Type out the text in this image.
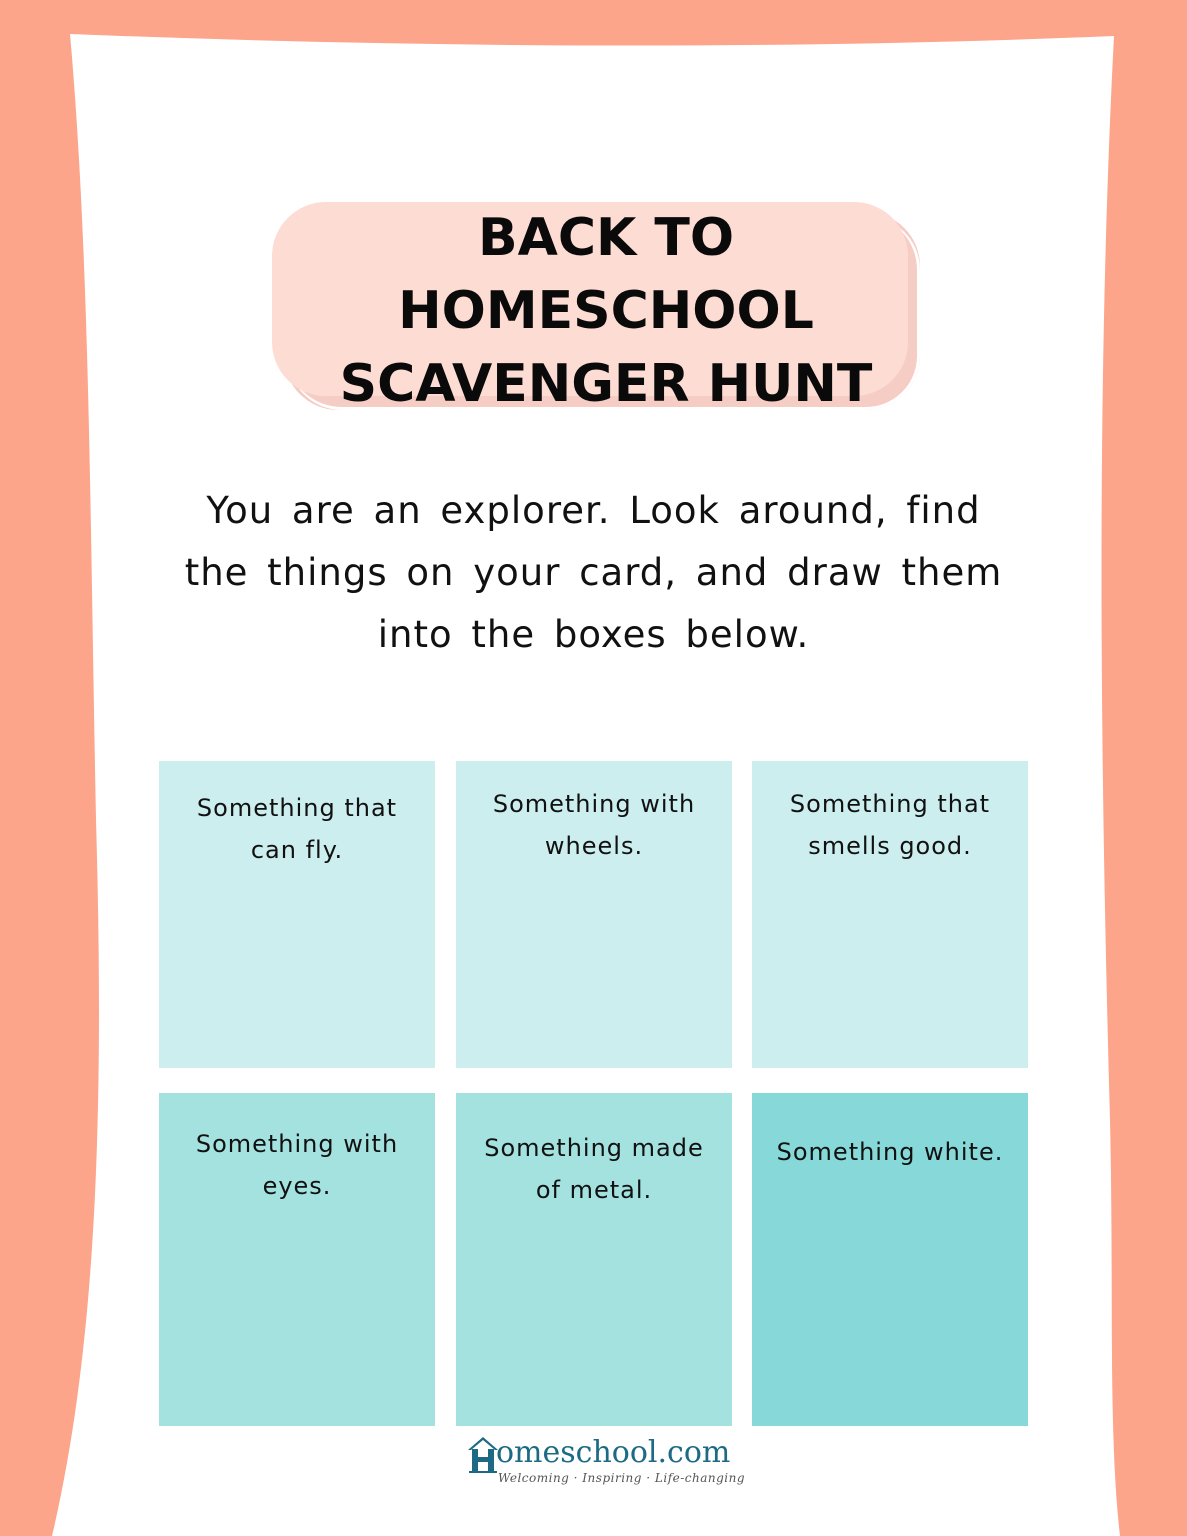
BACK TO
HOMESCHOOL
SCAVENGER HUNT

You are an explorer. Look around, find the things on your card, and draw them into the boxes below.

Something that can fly.

Something with wheels.

Something that smells good.

Something with eyes.

Something made of metal.

Something white.

omeschool.com
Welcoming · Inspiring · Life-changing
